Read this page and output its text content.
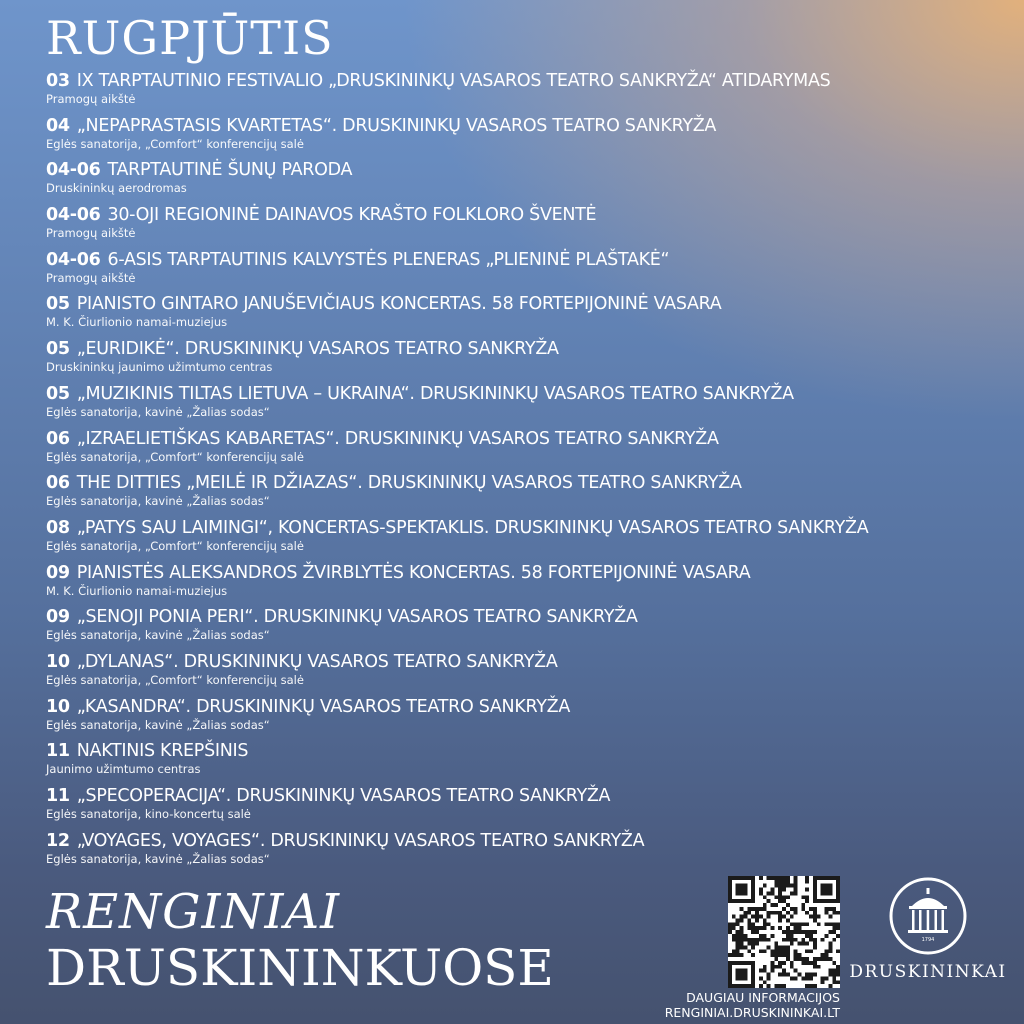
RUGPJŪTIS
03 IX TARPTAUTINIO FESTIVALIO „DRUSKININKŲ VASAROS TEATRO SANKRYŽA“ ATIDARYMAS
Pramogų aikštė
04 „NEPAPRASTASIS KVARTETAS“. DRUSKININKŲ VASAROS TEATRO SANKRYŽA
Eglės sanatorija, „Comfort“ konferencijų salė
04-06 TARPTAUTINĖ ŠUNŲ PARODA
Druskininkų aerodromas
04-06 30-OJI REGIONINĖ DAINAVOS KRAŠTO FOLKLORO ŠVENTĖ
Pramogų aikštė
04-06 6-ASIS TARPTAUTINIS KALVYSTĖS PLENERAS „PLIENINĖ PLAŠTAKĖ“
Pramogų aikštė
05 PIANISTO GINTARO JANUŠEVIČIAUS KONCERTAS. 58 FORTEPIJONINĖ VASARA
M. K. Čiurlionio namai-muziejus
05 „EURIDIKĖ“. DRUSKININKŲ VASAROS TEATRO SANKRYŽA
Druskininkų jaunimo užimtumo centras
05 „MUZIKINIS TILTAS LIETUVA – UKRAINA“. DRUSKININKŲ VASAROS TEATRO SANKRYŽA
Eglės sanatorija, kavinė „Žalias sodas“
06 „IZRAELIETIŠKAS KABARETAS“. DRUSKININKŲ VASAROS TEATRO SANKRYŽA
Eglės sanatorija, „Comfort“ konferencijų salė
06 THE DITTIES „MEILĖ IR DŽIAZAS“. DRUSKININKŲ VASAROS TEATRO SANKRYŽA
Eglės sanatorija, kavinė „Žalias sodas“
08 „PATYS SAU LAIMINGI“, KONCERTAS-SPEKTAKLIS. DRUSKININKŲ VASAROS TEATRO SANKRYŽA
Eglės sanatorija, „Comfort“ konferencijų salė
09 PIANISTĖS ALEKSANDROS ŽVIRBLYTĖS KONCERTAS. 58 FORTEPIJONINĖ VASARA
M. K. Čiurlionio namai-muziejus
09 „SENOJI PONIA PERI“. DRUSKININKŲ VASAROS TEATRO SANKRYŽA
Eglės sanatorija, kavinė „Žalias sodas“
10 „DYLANAS“. DRUSKININKŲ VASAROS TEATRO SANKRYŽA
Eglės sanatorija, „Comfort“ konferencijų salė
10 „KASANDRA“. DRUSKININKŲ VASAROS TEATRO SANKRYŽA
Eglės sanatorija, kavinė „Žalias sodas“
11 NAKTINIS KREPŠINIS
Jaunimo užimtumo centras
11 „SPECOPERACIJA“. DRUSKININKŲ VASAROS TEATRO SANKRYŽA
Eglės sanatorija, kino-koncertų salė
12 „VOYAGES, VOYAGES“. DRUSKININKŲ VASAROS TEATRO SANKRYŽA
Eglės sanatorija, kavinė „Žalias sodas“
RENGINIAI
DRUSKININKUOSE
DAUGIAU INFORMACIJOS
RENGINIAI.DRUSKININKAI.LT
1794
DRUSKININKAI
